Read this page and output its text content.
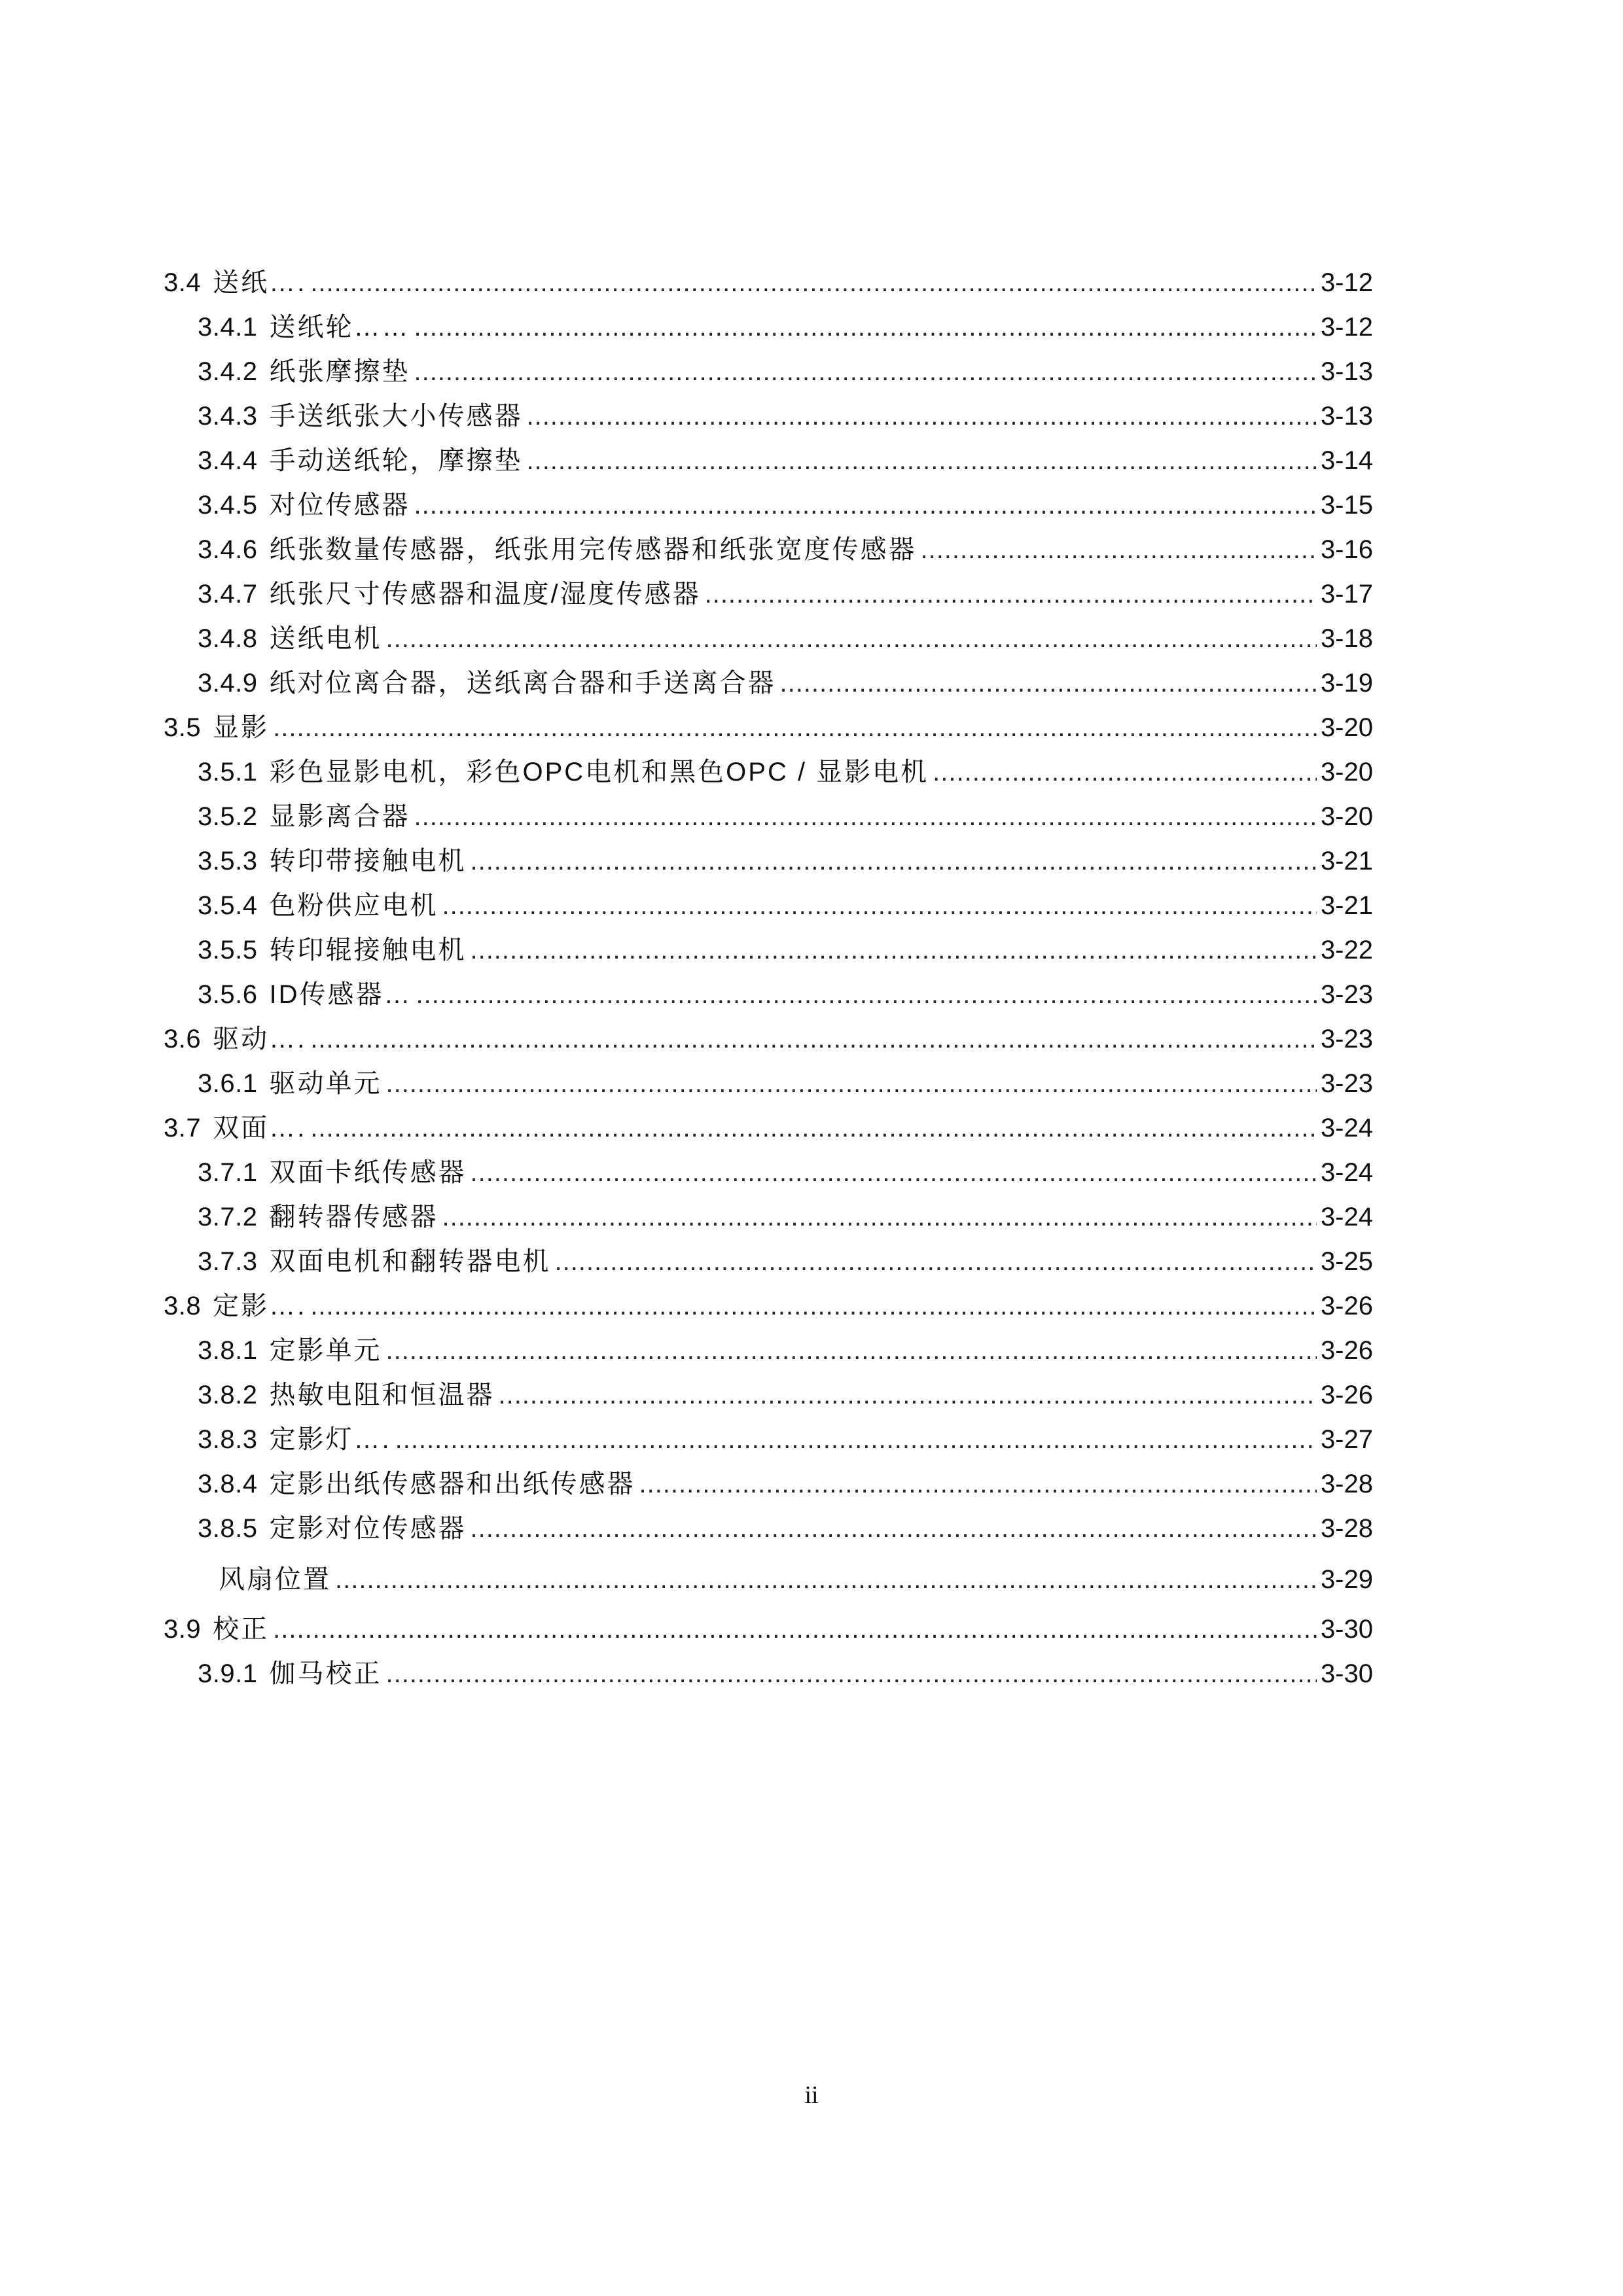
3.4 送纸…. .....	3-12
3.4.1 送纸轮…… .....	3-12
3.4.2 纸张摩擦垫 .....	3-13
3.4.3 手送纸张大小传感器 .....	3-13
3.4.4 手动送纸轮，摩擦垫 .....	3-14
3.4.5 对位传感器 .....	3-15
3.4.6 纸张数量传感器，纸张用完传感器和纸张宽度传感器 .....	3-16
3.4.7 纸张尺寸传感器和温度/湿度传感器 .....	3-17
3.4.8 送纸电机 .....	3-18
3.4.9 纸对位离合器，送纸离合器和手送离合器 .....	3-19
3.5 显影 .....	3-20
3.5.1 彩色显影电机，彩色OPC电机和黑色OPC / 显影电机 .....	3-20
3.5.2 显影离合器 .....	3-20
3.5.3 转印带接触电机 .....	3-21
3.5.4 色粉供应电机 .....	3-21
3.5.5 转印辊接触电机 .....	3-22
3.5.6 ID传感器… .....	3-23
3.6 驱动…. .....	3-23
3.6.1 驱动单元 .....	3-23
3.7 双面…. .....	3-24
3.7.1 双面卡纸传感器 .....	3-24
3.7.2 翻转器传感器 .....	3-24
3.7.3 双面电机和翻转器电机 .....	3-25
3.8 定影…. .....	3-26
3.8.1 定影单元 .....	3-26
3.8.2 热敏电阻和恒温器 .....	3-26
3.8.3 定影灯…. .....	3-27
3.8.4 定影出纸传感器和出纸传感器 .....	3-28
3.8.5 定影对位传感器 .....	3-28
风扇位置 .....	3-29
3.9 校正 .....	3-30
3.9.1 伽马校正 .....	3-30
ii
